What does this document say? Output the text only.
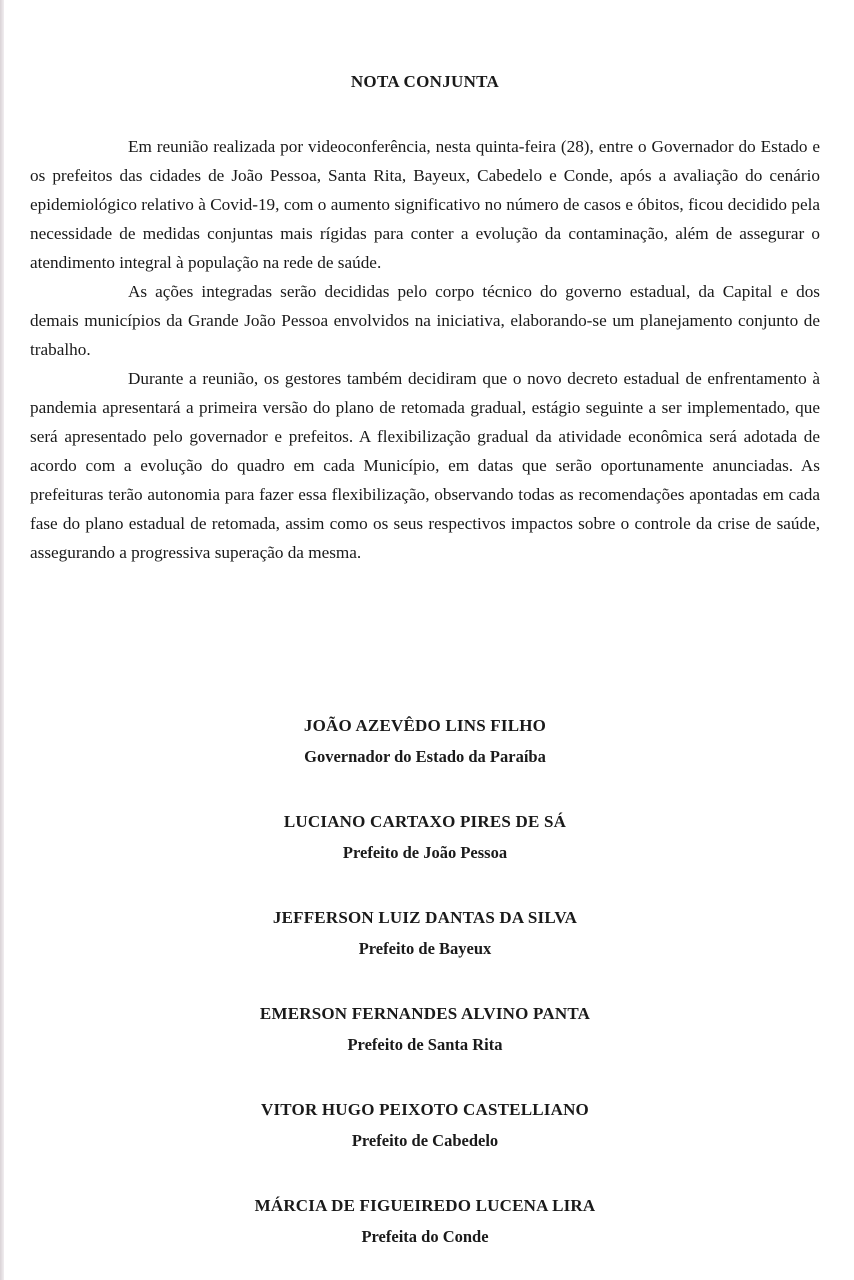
NOTA CONJUNTA

Em reunião realizada por videoconferência, nesta quinta-feira (28), entre o Governador do Estado e os prefeitos das cidades de João Pessoa, Santa Rita, Bayeux, Cabedelo e Conde, após a avaliação do cenário epidemiológico relativo à Covid-19, com o aumento significativo no número de casos e óbitos, ficou decidido pela necessidade de medidas conjuntas mais rígidas para conter a evolução da contaminação, além de assegurar o atendimento integral à população na rede de saúde.

As ações integradas serão decididas pelo corpo técnico do governo estadual, da Capital e dos demais municípios da Grande João Pessoa envolvidos na iniciativa, elaborando-se um planejamento conjunto de trabalho.

Durante a reunião, os gestores também decidiram que o novo decreto estadual de enfrentamento à pandemia apresentará a primeira versão do plano de retomada gradual, estágio seguinte a ser implementado, que será apresentado pelo governador e prefeitos. A flexibilização gradual da atividade econômica será adotada de acordo com a evolução do quadro em cada Município, em datas que serão oportunamente anunciadas. As prefeituras terão autonomia para fazer essa flexibilização, observando todas as recomendações apontadas em cada fase do plano estadual de retomada, assim como os seus respectivos impactos sobre o controle da crise de saúde, assegurando a progressiva superação da mesma.

JOÃO AZEVÊDO LINS FILHO
Governador do Estado da Paraíba
LUCIANO CARTAXO PIRES DE SÁ
Prefeito de João Pessoa
JEFFERSON LUIZ DANTAS DA SILVA
Prefeito de Bayeux
EMERSON FERNANDES ALVINO PANTA
Prefeito de Santa Rita
VITOR HUGO PEIXOTO CASTELLIANO
Prefeito de Cabedelo
MÁRCIA DE FIGUEIREDO LUCENA LIRA
Prefeita do Conde
